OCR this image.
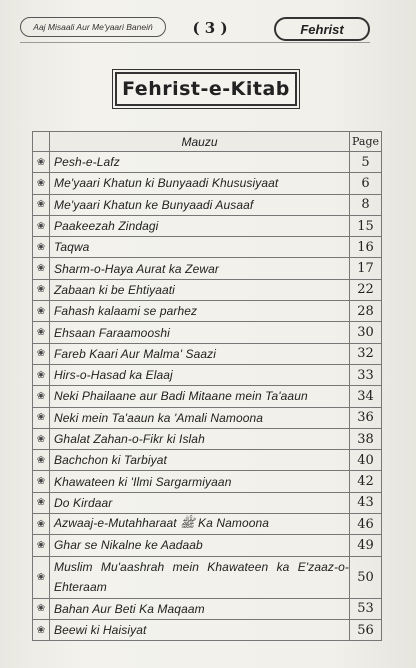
Aaj Misaali Aur Me'yaari Baneiń	(
3
)	Fehrist
Fehrist-e-Kitab
	Mauzu	Page
❀	Pesh-e-Lafz	5
❀	Me'yaari Khatun ki Bunyaadi Khususiyaat	6
❀	Me'yaari Khatun ke Bunyaadi Ausaaf	8
❀	Paakeezah Zindagi	15
❀	Taqwa	16
❀	Sharm-o-Haya Aurat ka Zewar	17
❀	Zabaan ki be Ehtiyaati	22
❀	Fahash kalaami se parhez	28
❀	Ehsaan Faraamooshi	30
❀	Fareb Kaari Aur Malma' Saazi	32
❀	Hirs-o-Hasad ka Elaaj	33
❀	Neki Phailaane aur Badi Mitaane mein Ta'aaun	34
❀	Neki mein Ta'aaun ka 'Amali Namoona	36
❀	Ghalat Zahan-o-Fikr ki Islah	38
❀	Bachchon ki Tarbiyat	40
❀	Khawateen ki 'Ilmi Sargarmiyaan	42
❀	Do Kirdaar	43
❀	Azwaaj-e-Mutahharaat ﷺ Ka Namoona	46
❀	Ghar se Nikalne ke Aadaab	49
❀	Muslim Mu'aashrah mein Khawateen ka E'zaaz-o-Ehteraam	50
❀	Bahan Aur Beti Ka Maqaam	53
❀	Beewi ki Haisiyat	56
